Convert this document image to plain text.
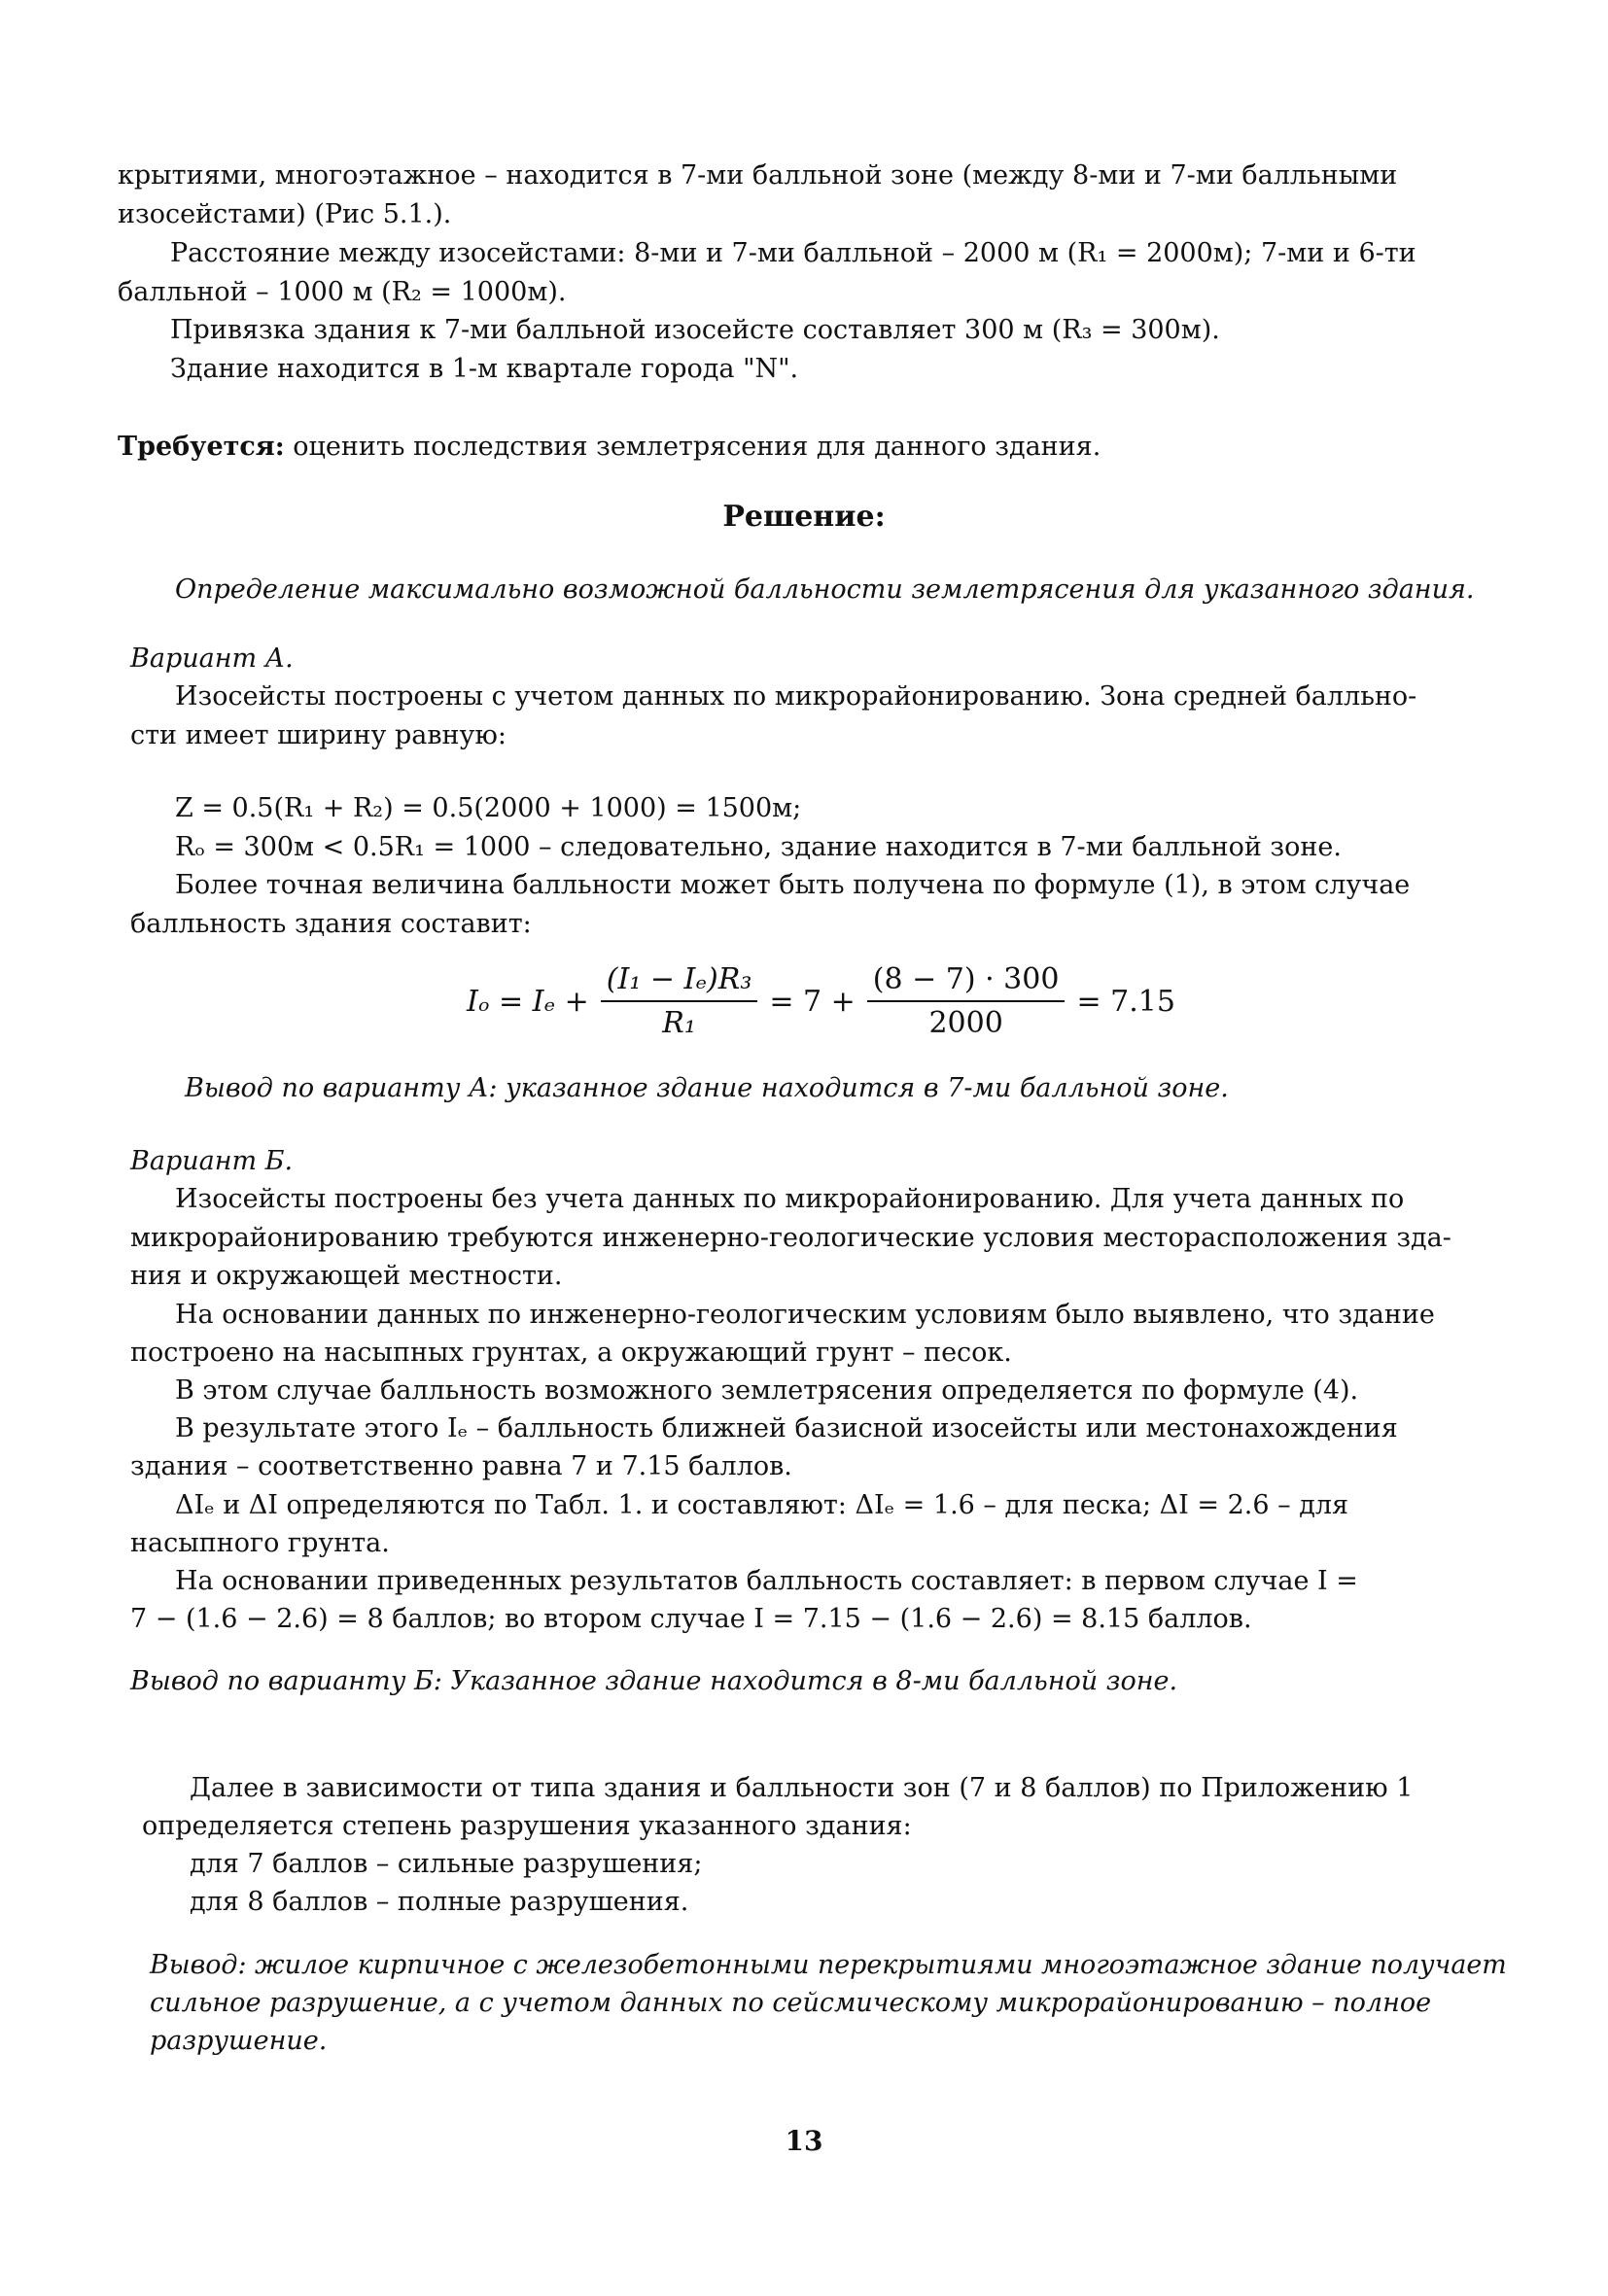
крытиями, многоэтажное – находится в 7-ми балльной зоне (между 8-ми и 7-ми балльными

изосейстами) (Рис 5.1.).

Расстояние между изосейстами: 8-ми и 7-ми балльной – 2000 м (R₁ = 2000м); 7-ми и 6-ти

балльной – 1000 м (R₂ = 1000м).

Привязка здания к 7-ми балльной изосейсте составляет 300 м (R₃ = 300м).

Здание находится в 1-м квартале города "N".

Требуется: оценить последствия землетрясения для данного здания.

Решение:

Определение максимально возможной балльности землетрясения для указанного здания.

Вариант А.

Изосейсты построены с учетом данных по микрорайонированию. Зона средней балльно-

сти имеет ширину равную:

Z = 0.5(R₁ + R₂) = 0.5(2000 + 1000) = 1500м;

Rₒ = 300м < 0.5R₁ = 1000 – следовательно, здание находится в 7-ми балльной зоне.

Более точная величина балльности может быть получена по формуле (1), в этом случае

балльность здания составит:

$I_o = I_e + \frac{\text{(I₁ − Iₑ)R₃}}{\text{R₁}} = 7 + \frac{(8 - 7) \cdot 300}{2000} = 7.15$

Вывод по варианту А: указанное здание находится в 7-ми балльной зоне.

Вариант Б.

Изосейсты построены без учета данных по микрорайонированию. Для учета данных по

микрорайонированию требуются инженерно-геологические условия месторасположения зда-

ния и окружающей местности.

На основании данных по инженерно-геологическим условиям было выявлено, что здание

построено на насыпных грунтах, а окружающий грунт – песок.

В этом случае балльность возможного землетрясения определяется по формуле (4).

В результате этого Iₑ – балльность ближней базисной изосейсты или местонахождения

здания – соответственно равна 7 и 7.15 баллов.

ΔIₑ и ΔI определяются по Табл. 1. и составляют: ΔIₑ = 1.6 – для песка; ΔI = 2.6 – для

насыпного грунта.

На основании приведенных результатов балльность составляет: в первом случае I =

7 − (1.6 − 2.6) = 8 баллов; во втором случае I = 7.15 − (1.6 − 2.6) = 8.15 баллов.

Вывод по варианту Б: Указанное здание находится в 8-ми балльной зоне.

Далее в зависимости от типа здания и балльности зон (7 и 8 баллов) по Приложению 1

определяется степень разрушения указанного здания:

для 7 баллов – сильные разрушения;

для 8 баллов – полные разрушения.

Вывод: жилое кирпичное с железобетонными перекрытиями многоэтажное здание получает

сильное разрушение, а с учетом данных по сейсмическому микрорайонированию – полное

разрушение.

13
